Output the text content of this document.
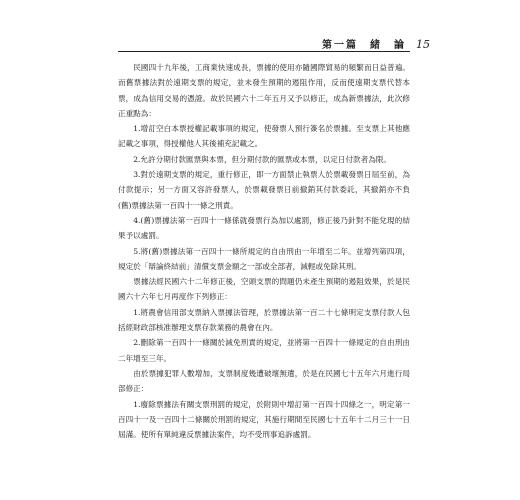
第一篇　緒　論 15

民國四十九年後，工商業快速成長，票據的使用亦隨國際貿易的頻繁而日益普遍。而舊票據法對於遠期支票的規定，並未發生預期的遏阻作用，反而使遠期支票代替本票，成為信用交易的憑證。故於民國六十二年五月又予以修正，成為新票據法，此次修正重點為：

1.增訂空白本票授權記載事項的規定，使發票人預行簽名於票據。至支票上其他應記載之事項，得授權他人其後補充記載之。

2.允許分期付款匯票與本票，但分期付款的匯票或本票，以定日付款者為限。

3.對於遠期支票的規定，重行修正，即一方面禁止執票人於票載發票日屆至前，為付款提示；另一方面又容許發票人，於票載發票日前撤銷其付款委託，其撤銷亦不負(舊)票據法第一百四十一條之刑責。

4.(舊)票據法第一百四十一條係就發票行為加以處罰，修正後乃針對不能兌現的結果予以處罰。

5.將(舊)票據法第一百四十一條所規定的自由刑由一年增至二年。並增列第四項，規定於「辯論終結前」清償支票金額之一部或全部者，減輕或免除其刑。

票據法經民國六十二年修正後，空頭支票的問題仍未產生預期的遏阻效果，於是民國六十六年七月再度作下列修正：

1.將農會信用部支票納入票據法管理，於票據法第一百二十七條明定支票付款人包括經財政部核准辦理支票存款業務的農會在內。

2.刪除第一百四十一條關於減免刑責的規定，並將第一百四十一條規定的自由刑由二年增至三年。

由於票據犯罪人數增加，支票制度幾遭破壞無遺，於是在民國七十五年六月進行局部修正：

1.廢除票據法有關支票刑罰的規定，於附則中增訂第一百四十四條之一，明定第一百四十一及一百四十二條關於刑罰的規定，其施行期間至民國七十五年十二月三十一日屆滿。使所有單純違反票據法案件，均不受刑事追訴處罰。
